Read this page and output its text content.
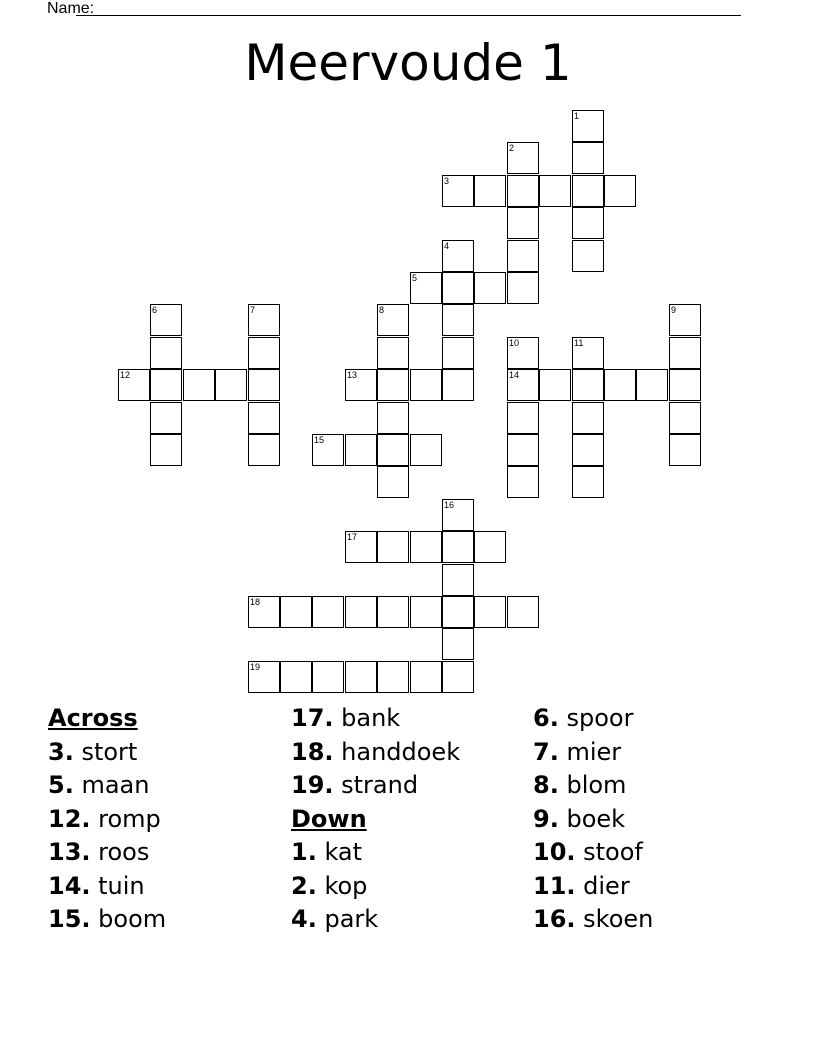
Name:
Meervoude 1
1
2
3
4
5
6	7	8	9
10	11
12	13	14
15
16
17
18
19
Across
3. stort
5. maan
12. romp
13. roos
14. tuin
15. boom
17. bank
18. handdoek
19. strand
Down
1. kat
2. kop
4. park
6. spoor
7. mier
8. blom
9. boek
10. stoof
11. dier
16. skoen
